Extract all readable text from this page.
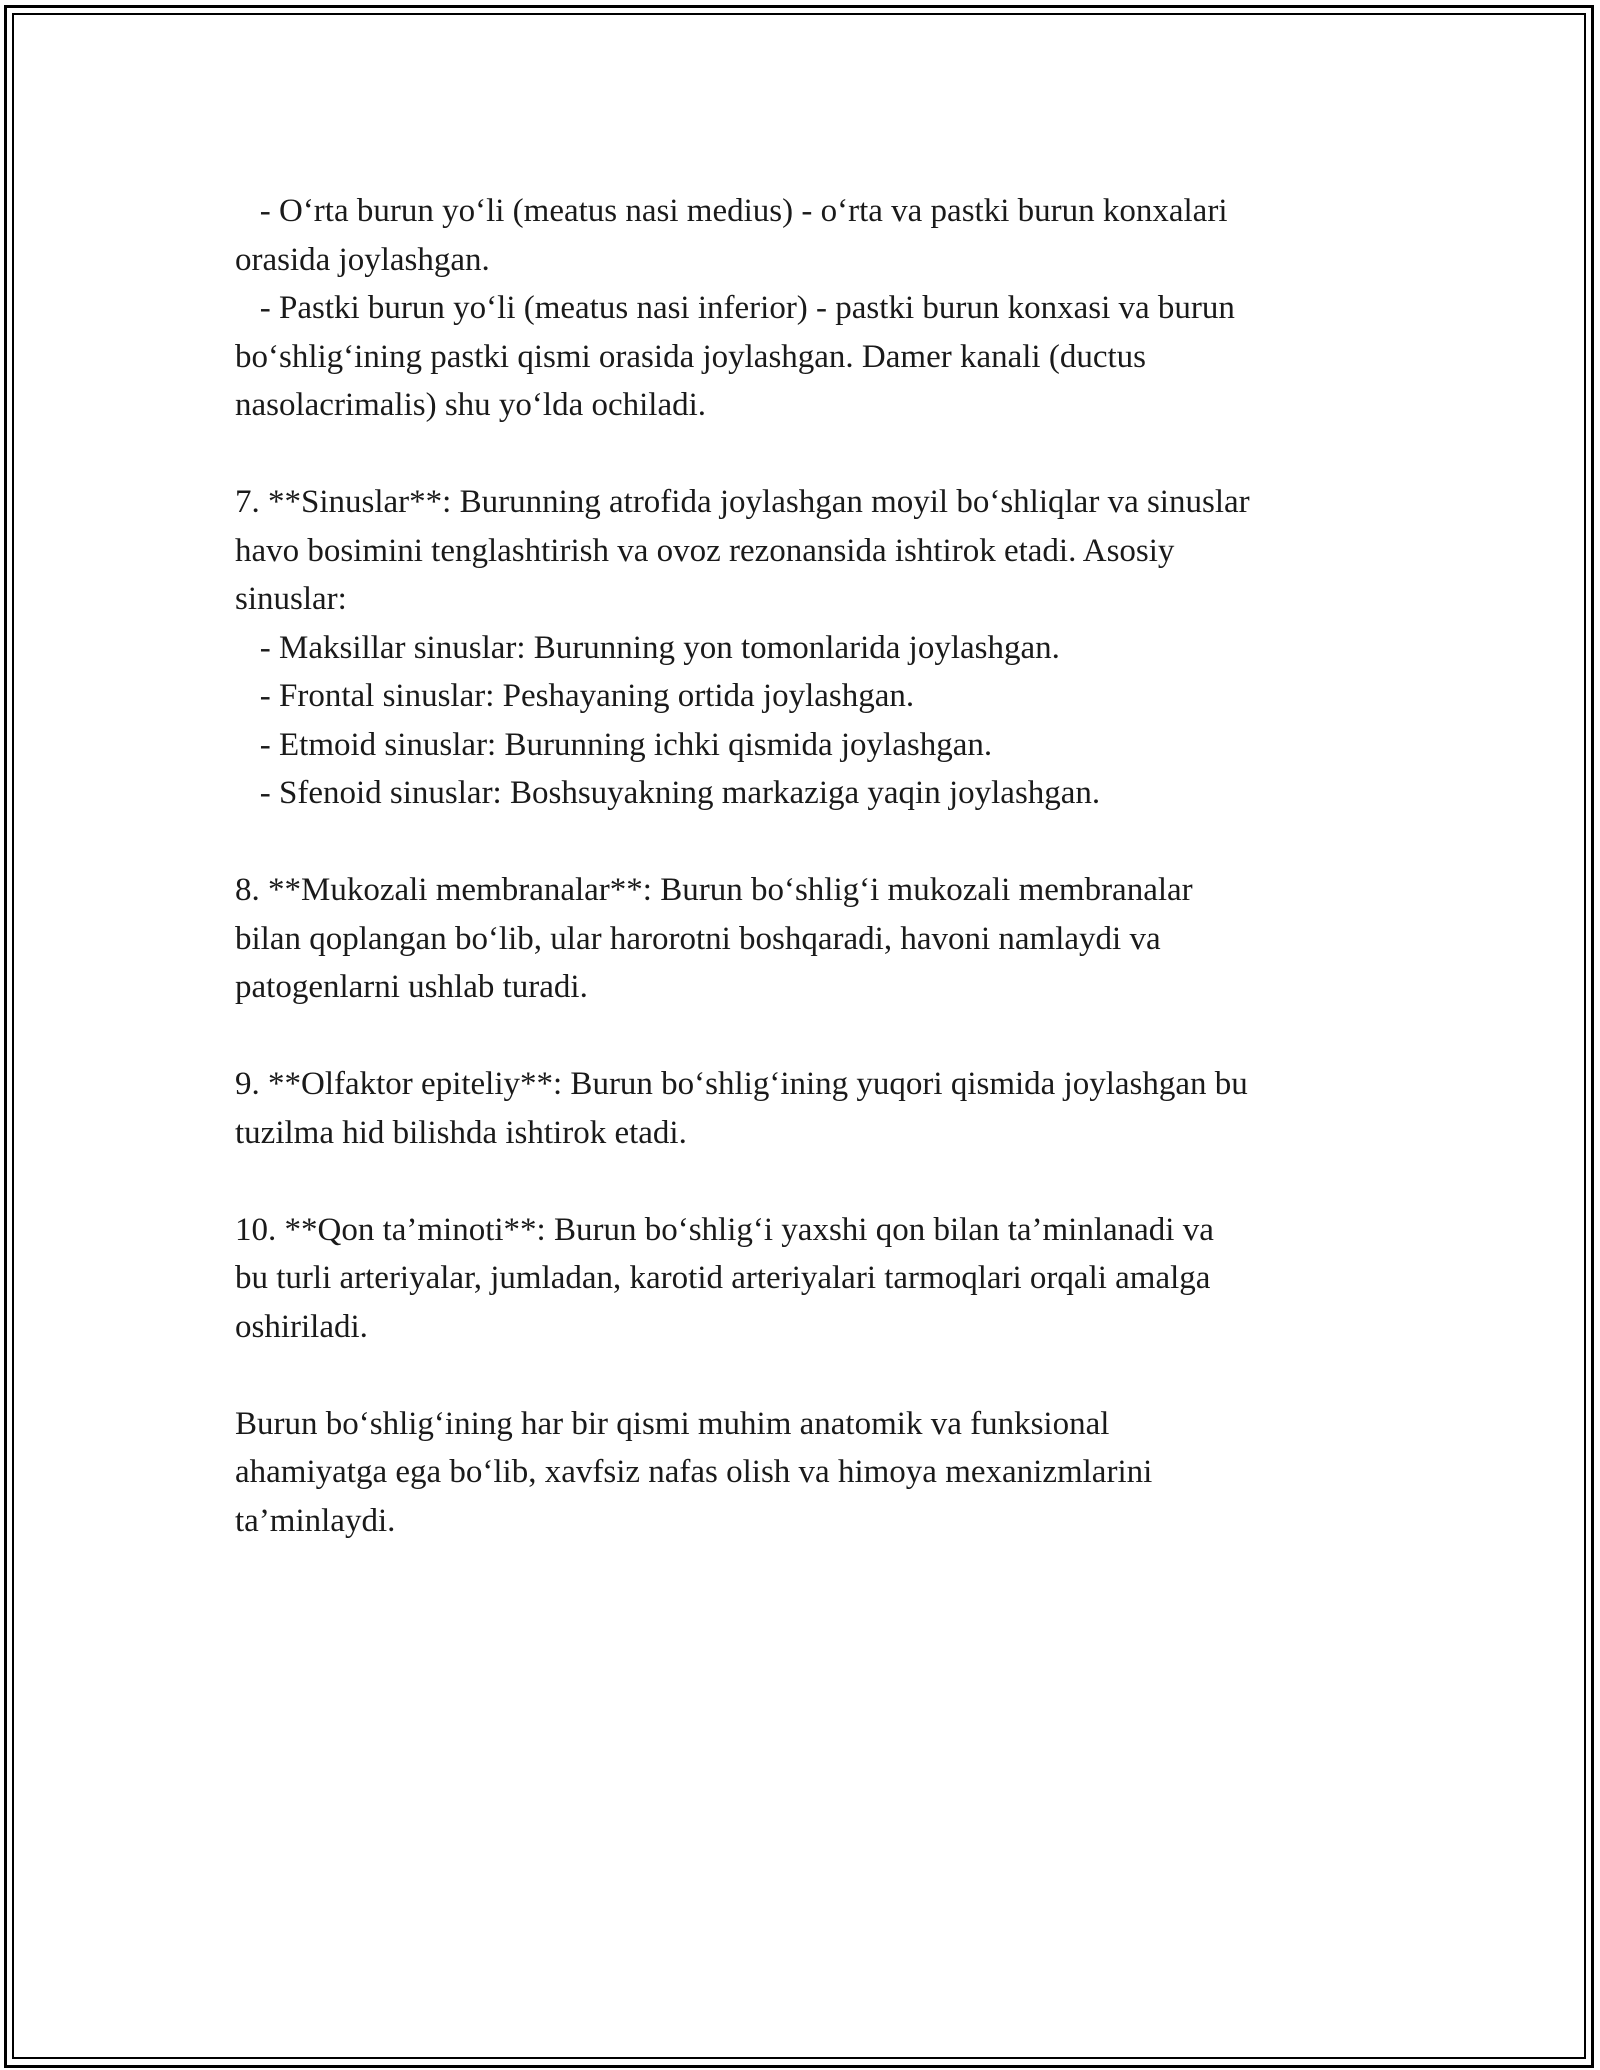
- O‘rta burun yo‘li (meatus nasi medius) - o‘rta va pastki burun konxalari
orasida joylashgan.
- Pastki burun yo‘li (meatus nasi inferior) - pastki burun konxasi va burun
bo‘shlig‘ining pastki qismi orasida joylashgan. Damer kanali (ductus
nasolacrimalis) shu yo‘lda ochiladi.
7. **Sinuslar**: Burunning atrofida joylashgan moyil bo‘shliqlar va sinuslar
havo bosimini tenglashtirish va ovoz rezonansida ishtirok etadi. Asosiy
sinuslar:
- Maksillar sinuslar: Burunning yon tomonlarida joylashgan.
- Frontal sinuslar: Peshayaning ortida joylashgan.
- Etmoid sinuslar: Burunning ichki qismida joylashgan.
- Sfenoid sinuslar: Boshsuyakning markaziga yaqin joylashgan.
8. **Mukozali membranalar**: Burun bo‘shlig‘i mukozali membranalar
bilan qoplangan bo‘lib, ular harorotni boshqaradi, havoni namlaydi va
patogenlarni ushlab turadi.
9. **Olfaktor epiteliy**: Burun bo‘shlig‘ining yuqori qismida joylashgan bu
tuzilma hid bilishda ishtirok etadi.
10. **Qon ta’minoti**: Burun bo‘shlig‘i yaxshi qon bilan ta’minlanadi va
bu turli arteriyalar, jumladan, karotid arteriyalari tarmoqlari orqali amalga
oshiriladi.
Burun bo‘shlig‘ining har bir qismi muhim anatomik va funksional
ahamiyatga ega bo‘lib, xavfsiz nafas olish va himoya mexanizmlarini
ta’minlaydi.
